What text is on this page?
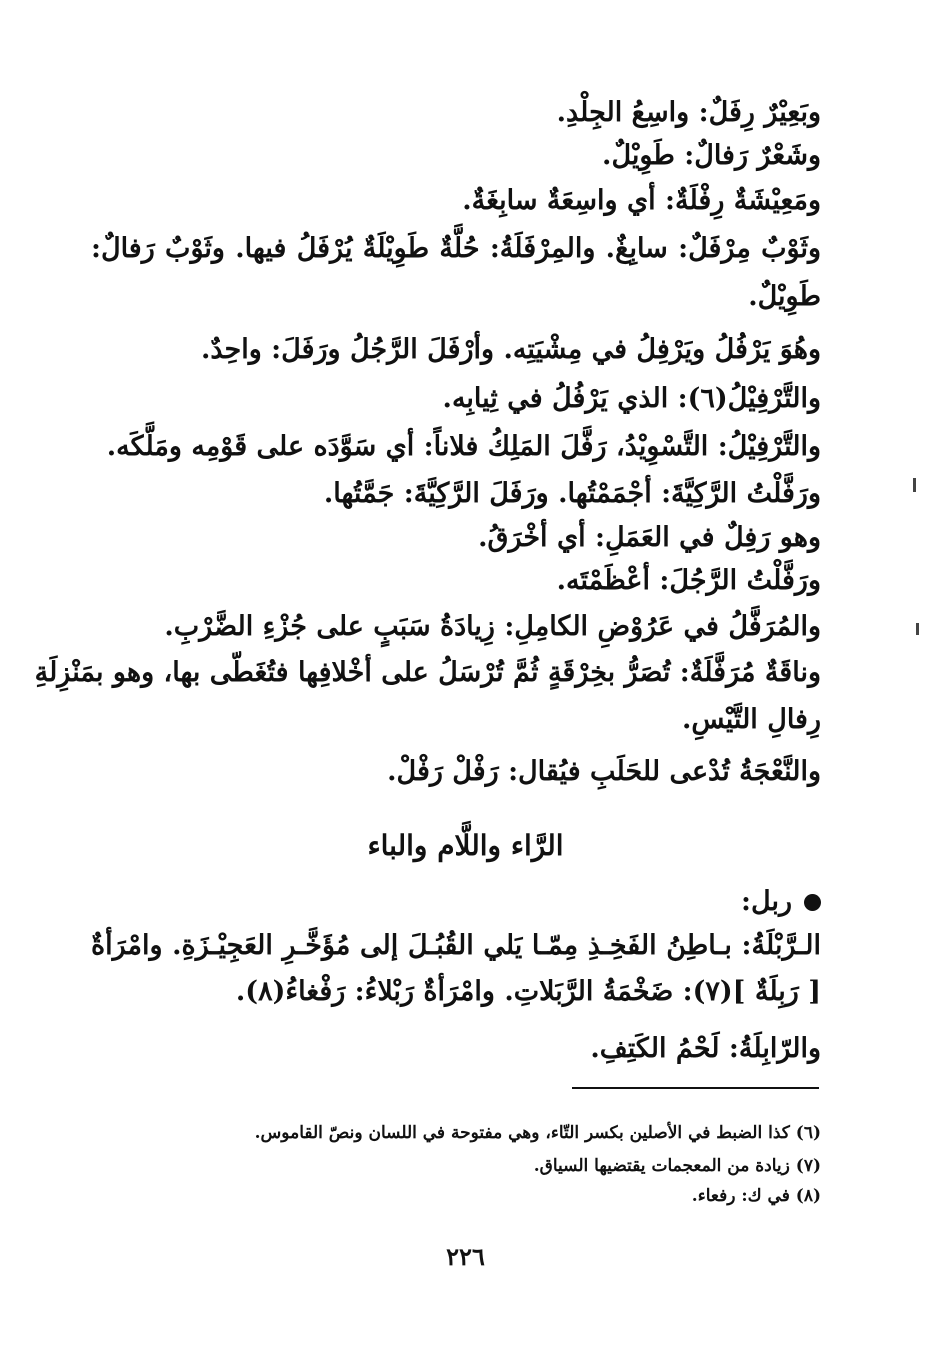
وبَعِيْرٌ رِفَلٌ: واسِعُ الجِلْدِ.
وشَعْرٌ رَفالٌ: طَوِيْلٌ.
ومَعِيْشَةٌ رِفْلَةٌ: أي واسِعَةٌ سابِغَةٌ.
وثَوْبٌ مِرْفَلٌ: سابِغٌ. والمِرْفَلَةُ: حُلَّةٌ طَوِيْلَةٌ يُرْفَلُ فيها. وثَوْبٌ رَفالٌ:
طَوِيْلٌ.
وهُوَ يَرْفُلُ ويَرْفِلُ في مِشْيَتِه. وأرْفَلَ الرَّجُلُ ورَفَلَ: واحِدٌ.
والتَّرْفِيْلُ(٦): الذي يَرْفُلُ في ثِيابِه.
والتَّرْفِيْلُ: التَّسْوِيْدُ، رَفَّلَ المَلِكُ فلاناً: أي سَوَّدَه على قَوْمِه ومَلَّكَه.
ورَفَّلْتُ الرَّكِيَّةَ: أجْمَمْتُها. ورَفَلَ الرَّكِيَّةَ: جَمَّتُها.
وهو رَفِلٌ في العَمَلِ: أي أخْرَقُ.
ورَفَّلْتُ الرَّجُلَ: أعْظَمْتَه.
والمُرَفَّلُ في عَرُوْضِ الكامِلِ: زِيادَةُ سَبَبٍ على جُزْءِ الضَّرْبِ.
وناقَةٌ مُرَفَّلَةٌ: تُصَرُّ بخِرْقَةٍ ثُمَّ تُرْسَلُ على أخْلافِها فتُغَطّى بها، وهو بمَنْزِلَةِ
رِفالِ التَّيْسِ.
والنَّعْجَةُ تُدْعى للحَلَبِ فيُقال: رَفْلْ رَفْلْ.
الرَّاء واللَّام والباء
ربل:
الـرَّبْلَةُ: بـاطِنُ الفَخِـذِ مِمّـا يَلي القُبُـلَ إلى مُؤَخَّـرِ العَجِيْـزَةِ. وامْرَأةٌ
[ رَبِلَةٌ ](٧): ضَخْمَةُ الرَّبَلاتِ. وامْرَأةٌ رَبْلاءُ: رَفْغاءُ(٨).
والرّابِلَةُ: لَحْمُ الكَتِفِ.
(٦) كذا الضبط في الأصلين بكسر التّاء، وهي مفتوحة في اللسان ونصّ القاموس.
(٧) زيادة من المعجمات يقتضيها السياق.
(٨) في ك: رفعاء.
٢٢٦
